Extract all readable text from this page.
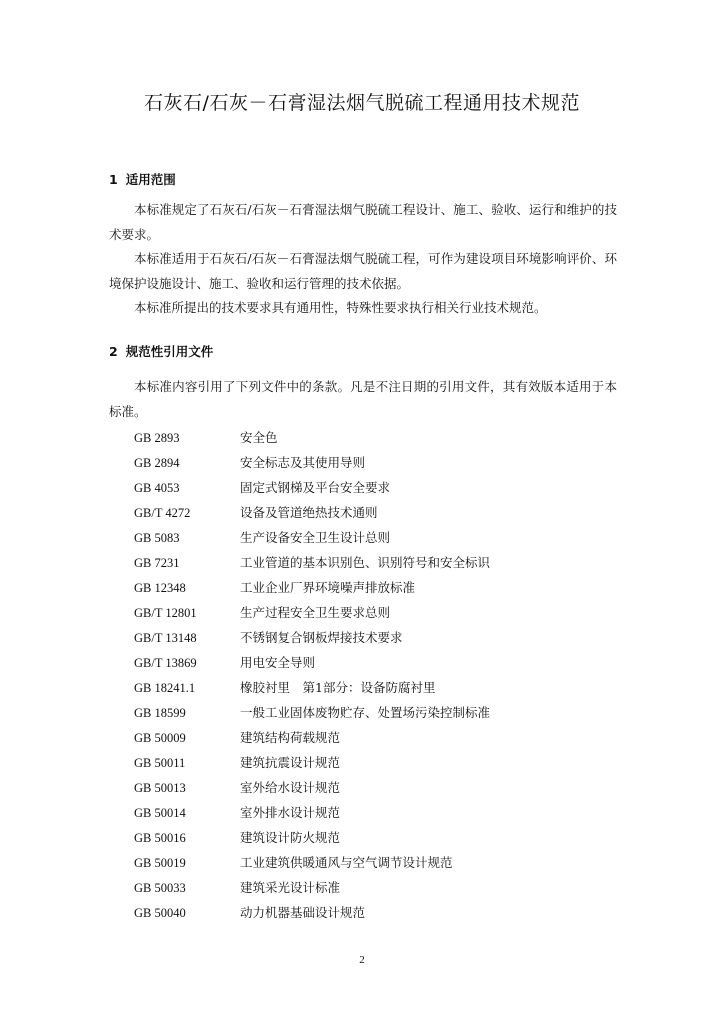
石灰石/石灰－石膏湿法烟气脱硫工程通用技术规范
1 适用范围
本标准规定了石灰石/石灰－石膏湿法烟气脱硫工程设计、施工、验收、运行和维护的技术要求。
本标准适用于石灰石/石灰－石膏湿法烟气脱硫工程，可作为建设项目环境影响评价、环境保护设施设计、施工、验收和运行管理的技术依据。
本标准所提出的技术要求具有通用性，特殊性要求执行相关行业技术规范。
2 规范性引用文件
本标准内容引用了下列文件中的条款。凡是不注日期的引用文件，其有效版本适用于本标准。
GB 2893	安全色
GB 2894	安全标志及其使用导则
GB 4053	固定式钢梯及平台安全要求
GB/T 4272	设备及管道绝热技术通则
GB 5083	生产设备安全卫生设计总则
GB 7231	工业管道的基本识别色、识别符号和安全标识
GB 12348	工业企业厂界环境噪声排放标准
GB/T 12801	生产过程安全卫生要求总则
GB/T 13148	不锈钢复合钢板焊接技术要求
GB/T 13869	用电安全导则
GB 18241.1	橡胶衬里　第1部分：设备防腐衬里
GB 18599	一般工业固体废物贮存、处置场污染控制标准
GB 50009	建筑结构荷载规范
GB 50011	建筑抗震设计规范
GB 50013	室外给水设计规范
GB 50014	室外排水设计规范
GB 50016	建筑设计防火规范
GB 50019	工业建筑供暖通风与空气调节设计规范
GB 50033	建筑采光设计标准
GB 50040	动力机器基础设计规范
2
